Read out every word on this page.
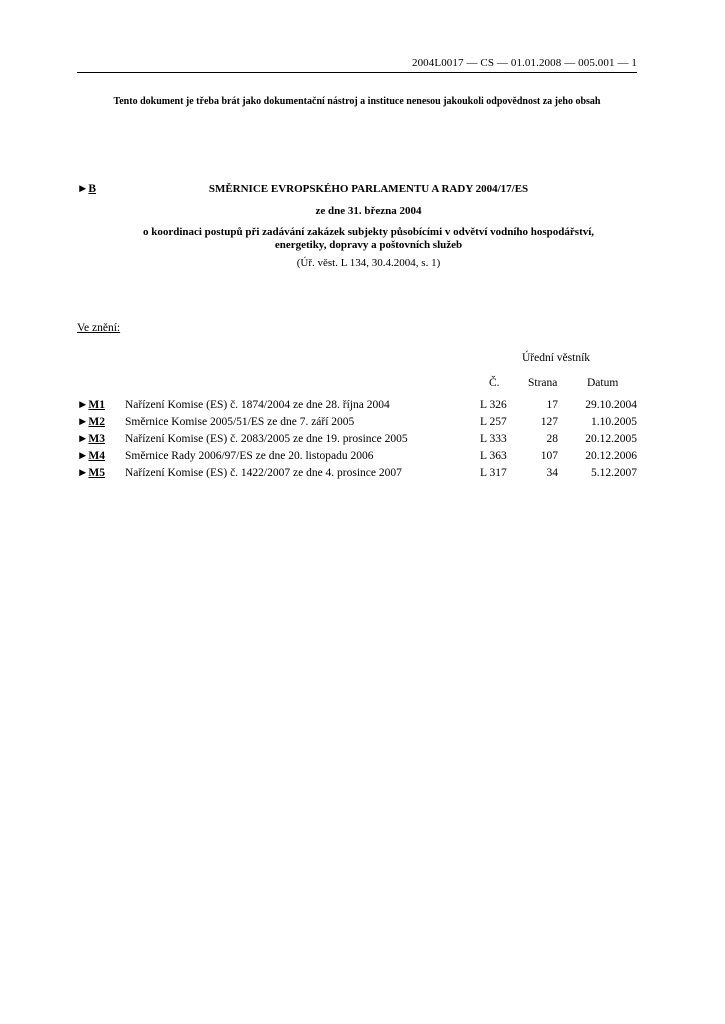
2004L0017 — CS — 01.01.2008 — 005.001 — 1
Tento dokument je třeba brát jako dokumentační nástroj a instituce nenesou jakoukoli odpovědnost za jeho obsah
►B	SMĚRNICE EVROPSKÉHO PARLAMENTU A RADY 2004/17/ES
ze dne 31. března 2004
o koordinaci postupů při zadávání zakázek subjekty působícími v odvětví vodního hospodářství,
energetiky, dopravy a poštovních služeb
(Úř. věst. L 134, 30.4.2004, s. 1)
Ve znění:
Úřední věstník
Č. Strana	Datum
►M1 Nařízení Komise (ES) č. 1874/2004 ze dne 28. října 2004	L 326	17 29.10.2004
►M2 Směrnice Komise 2005/51/ES ze dne 7. září 2005	L 257	127	1.10.2005
►M3 Nařízení Komise (ES) č. 2083/2005 ze dne 19. prosince 2005	L 333	28 20.12.2005
►M4 Směrnice Rady 2006/97/ES ze dne 20. listopadu 2006	L 363	107 20.12.2006
►M5 Nařízení Komise (ES) č. 1422/2007 ze dne 4. prosince 2007	L 317	34	5.12.2007
